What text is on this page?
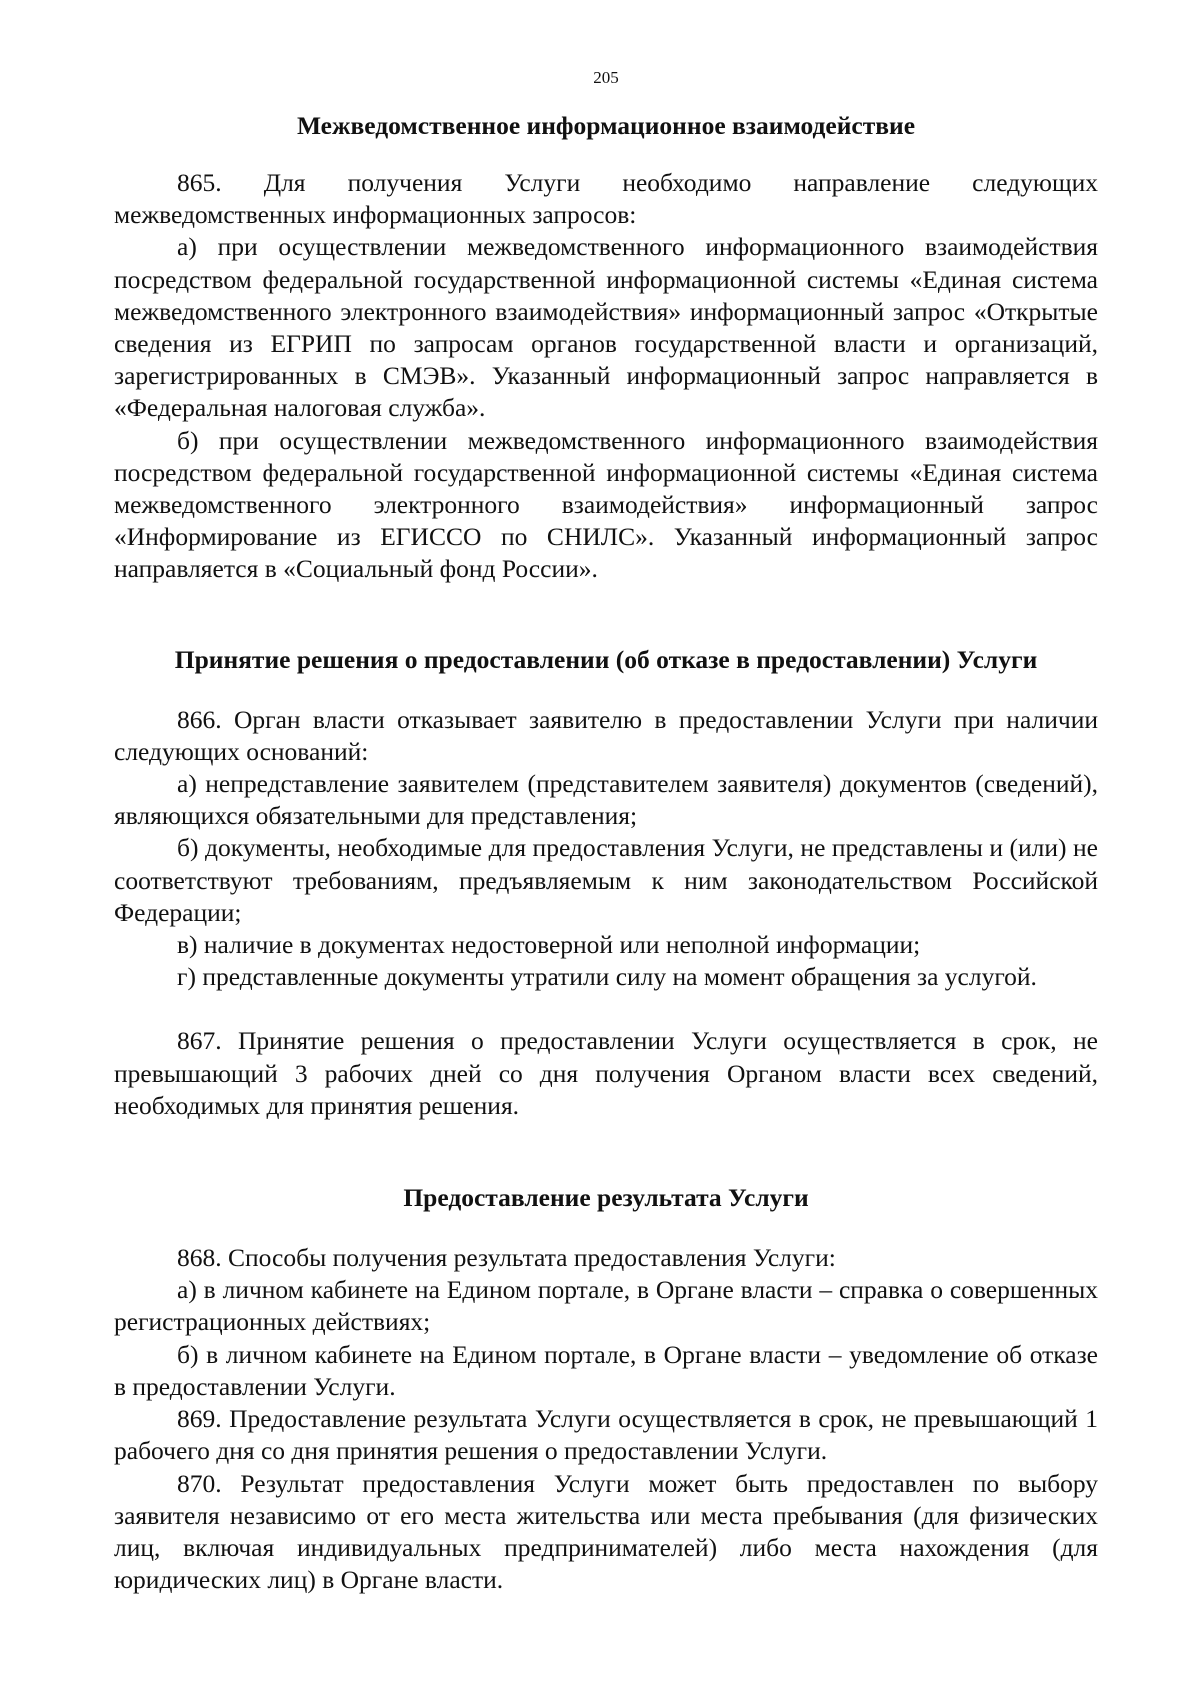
205
Межведомственное информационное взаимодействие

865. Для получения Услуги необходимо направление следующих межведомственных информационных запросов:

а) при осуществлении межведомственного информационного взаимодействия посредством федеральной государственной информационной системы «Единая система межведомственного электронного взаимодействия» информационный запрос «Открытые сведения из ЕГРИП по запросам органов государственной власти и организаций, зарегистрированных в СМЭВ». Указанный информационный запрос направляется в «Федеральная налоговая служба».

б) при осуществлении межведомственного информационного взаимодействия посредством федеральной государственной информационной системы «Единая система межведомственного электронного взаимодействия» информационный запрос «Информирование из ЕГИССО по СНИЛС». Указанный информационный запрос направляется в «Социальный фонд России».

Принятие решения о предоставлении (об отказе в предоставлении) Услуги

866. Орган власти отказывает заявителю в предоставлении Услуги при наличии следующих оснований:

а) непредставление заявителем (представителем заявителя) документов (сведений), являющихся обязательными для представления;

б) документы, необходимые для предоставления Услуги, не представлены и (или) не соответствуют требованиям, предъявляемым к ним законодательством Российской Федерации;

в) наличие в документах недостоверной или неполной информации;

г) представленные документы утратили силу на момент обращения за услугой.

867. Принятие решения о предоставлении Услуги осуществляется в срок, не превышающий 3 рабочих дней со дня получения Органом власти всех сведений, необходимых для принятия решения.

Предоставление результата Услуги

868. Способы получения результата предоставления Услуги:

а) в личном кабинете на Едином портале, в Органе власти – справка о совершенных регистрационных действиях;

б) в личном кабинете на Едином портале, в Органе власти – уведомление об отказе в предоставлении Услуги.

869. Предоставление результата Услуги осуществляется в срок, не превышающий 1 рабочего дня со дня принятия решения о предоставлении Услуги.

870. Результат предоставления Услуги может быть предоставлен по выбору заявителя независимо от его места жительства или места пребывания (для физических лиц, включая индивидуальных предпринимателей) либо места нахождения (для юридических лиц) в Органе власти.
